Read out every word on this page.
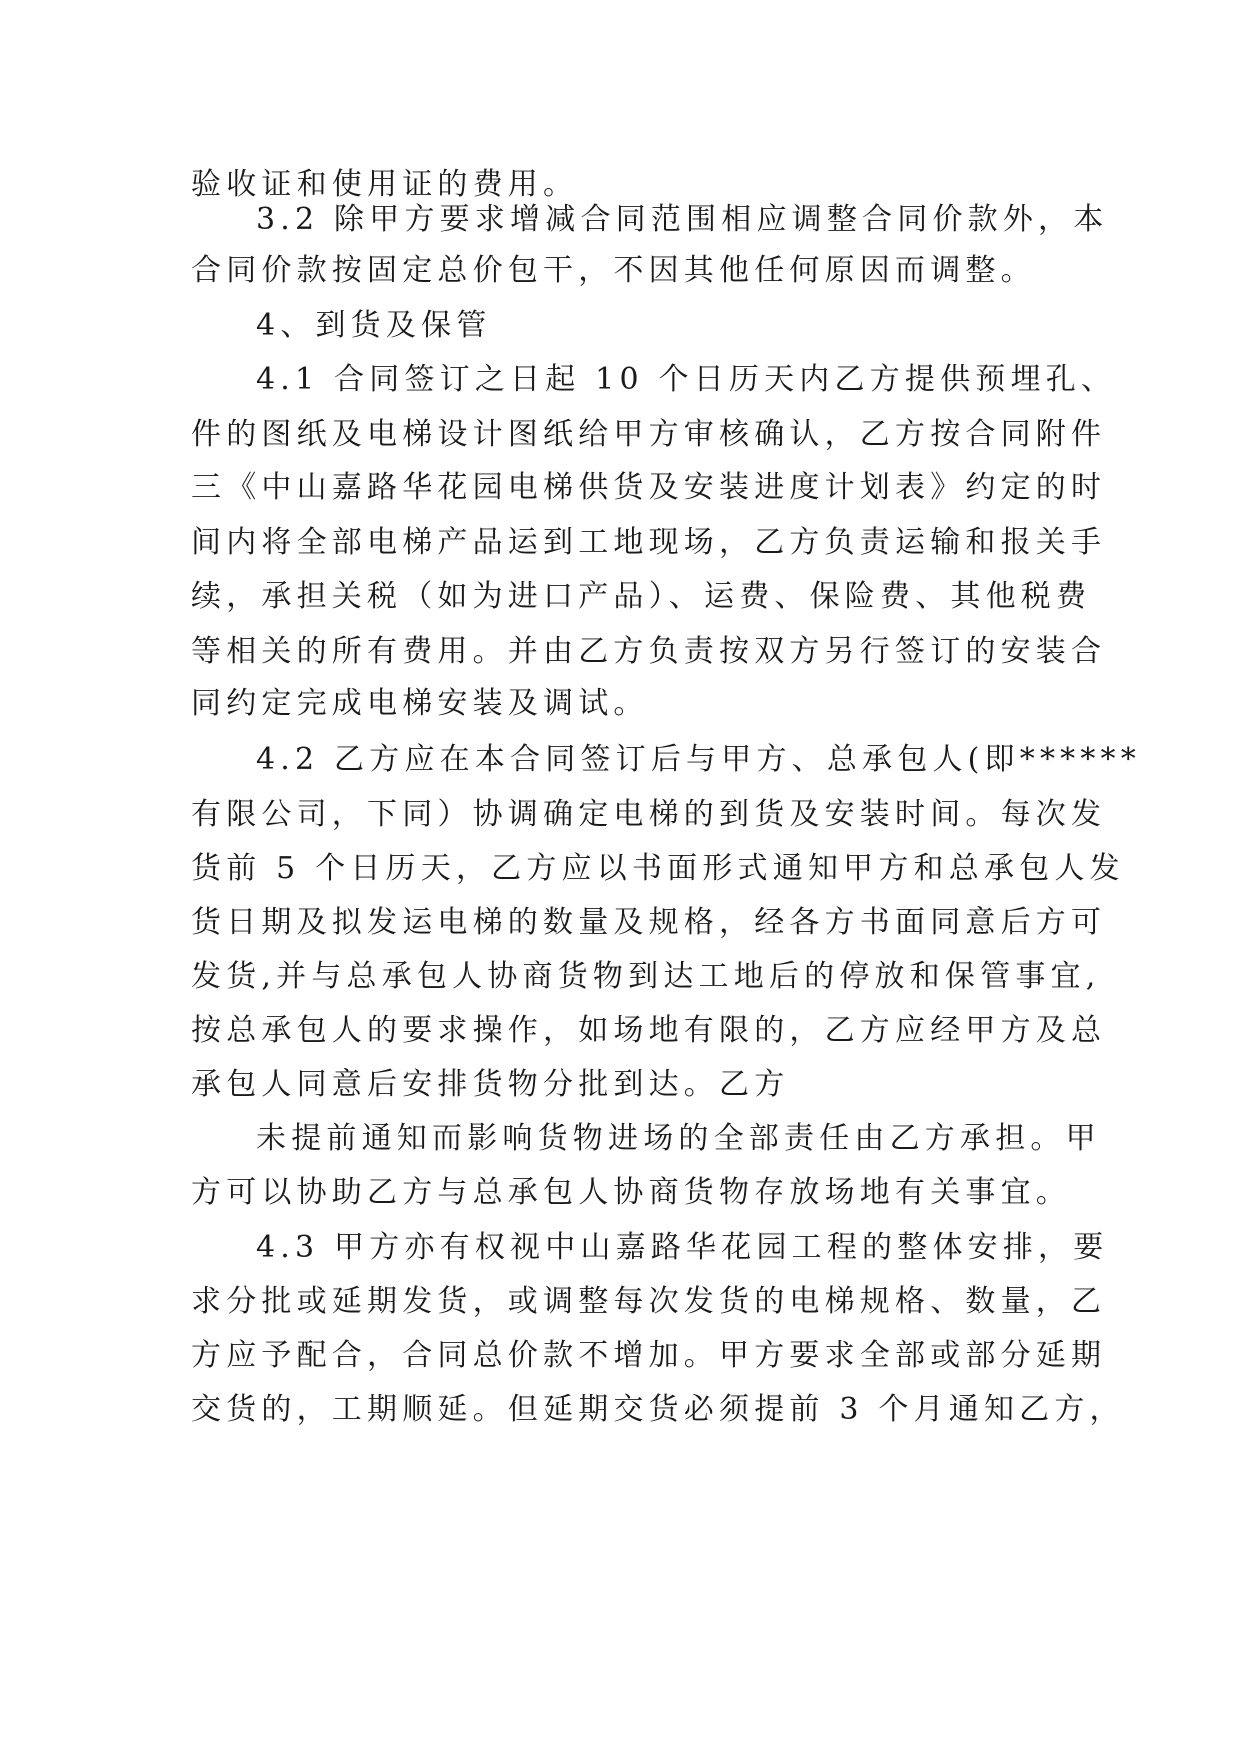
验收证和使用证的费用。
3.2 除甲方要求增减合同范围相应调整合同价款外，本
合同价款按固定总价包干，不因其他任何原因而调整。
4、到货及保管
4.1 合同签订之日起 10 个日历天内乙方提供预埋孔、
件的图纸及电梯设计图纸给甲方审核确认，乙方按合同附件
三《中山嘉路华花园电梯供货及安装进度计划表》约定的时
间内将全部电梯产品运到工地现场，乙方负责运输和报关手
续，承担关税（如为进口产品）、运费、保险费、其他税费
等相关的所有费用。并由乙方负责按双方另行签订的安装合
同约定完成电梯安装及调试。
4.2 乙方应在本合同签订后与甲方、总承包人(即******
有限公司，下同）协调确定电梯的到货及安装时间。每次发
货前 5 个日历天，乙方应以书面形式通知甲方和总承包人发
货日期及拟发运电梯的数量及规格，经各方书面同意后方可
发货,并与总承包人协商货物到达工地后的停放和保管事宜,
按总承包人的要求操作，如场地有限的，乙方应经甲方及总
承包人同意后安排货物分批到达。乙方
未提前通知而影响货物进场的全部责任由乙方承担。甲
方可以协助乙方与总承包人协商货物存放场地有关事宜。
4.3 甲方亦有权视中山嘉路华花园工程的整体安排，要
求分批或延期发货，或调整每次发货的电梯规格、数量，乙
方应予配合，合同总价款不增加。甲方要求全部或部分延期
交货的，工期顺延。但延期交货必须提前 3 个月通知乙方，
